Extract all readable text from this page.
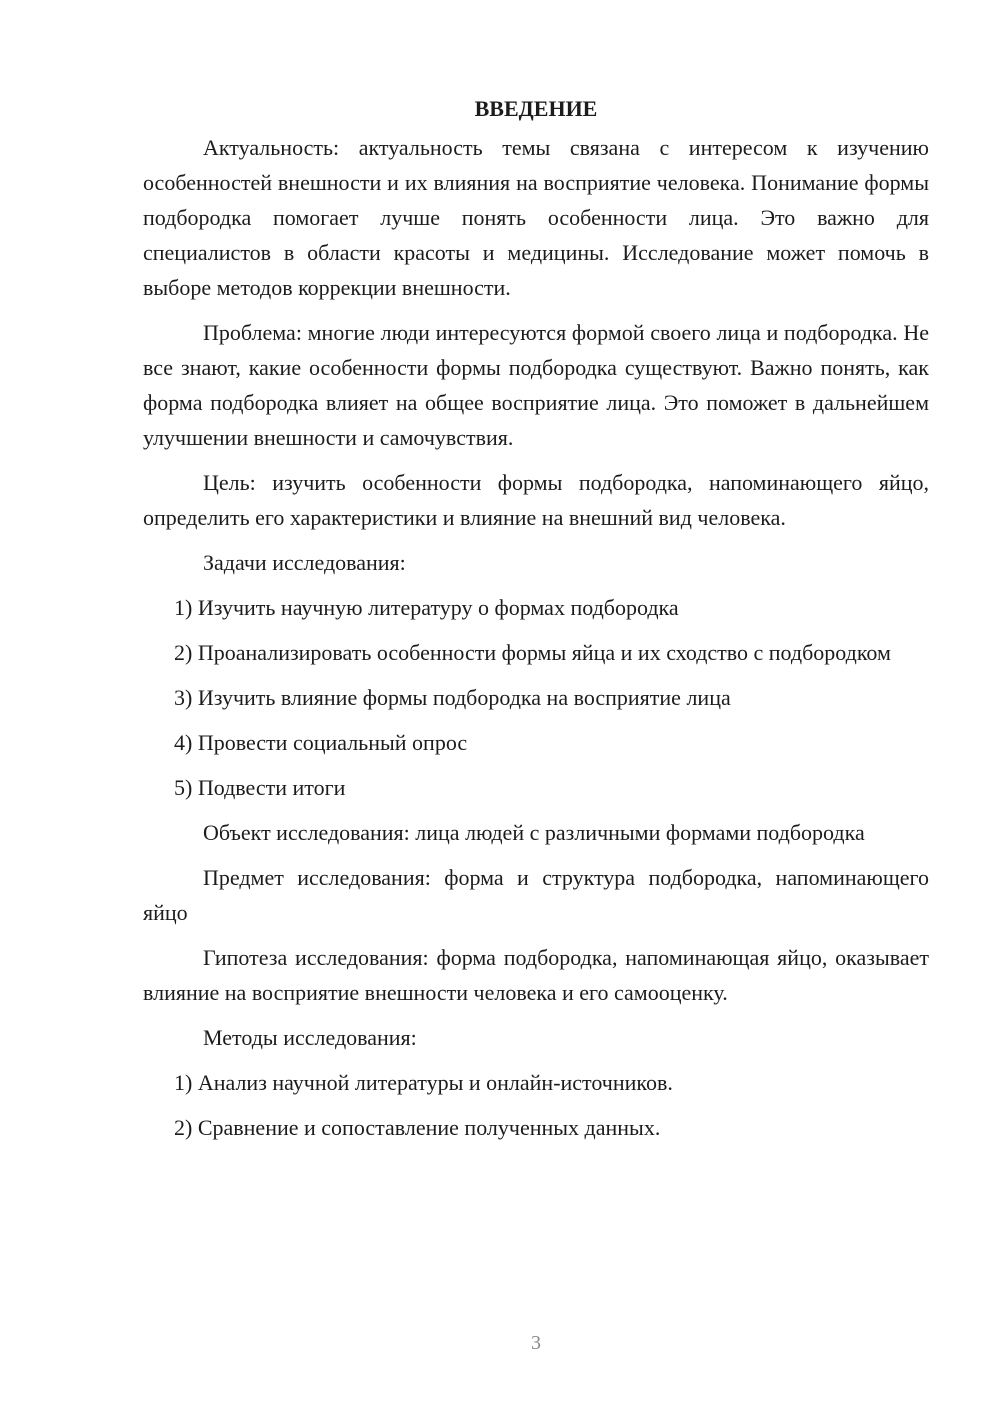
ВВЕДЕНИЕ

Актуальность: актуальность темы связана с интересом к изучению особенностей внешности и их влияния на восприятие человека. Понимание формы подбородка помогает лучше понять особенности лица. Это важно для специалистов в области красоты и медицины. Исследование может помочь в выборе методов коррекции внешности.

Проблема: многие люди интересуются формой своего лица и подбородка. Не все знают, какие особенности формы подбородка существуют. Важно понять, как форма подбородка влияет на общее восприятие лица. Это поможет в дальнейшем улучшении внешности и самочувствия.

Цель: изучить особенности формы подбородка, напоминающего яйцо, определить его характеристики и влияние на внешний вид человека.

Задачи исследования:

1) Изучить научную литературу о формах подбородка

2) Проанализировать особенности формы яйца и их сходство с подбородком

3) Изучить влияние формы подбородка на восприятие лица

4) Провести социальный опрос

5) Подвести итоги

Объект исследования: лица людей с различными формами подбородка

Предмет исследования: форма и структура подбородка, напоминающего яйцо

Гипотеза исследования: форма подбородка, напоминающая яйцо, оказывает влияние на восприятие внешности человека и его самооценку.

Методы исследования:

1) Анализ научной литературы и онлайн-источников.

2) Сравнение и сопоставление полученных данных.

3
